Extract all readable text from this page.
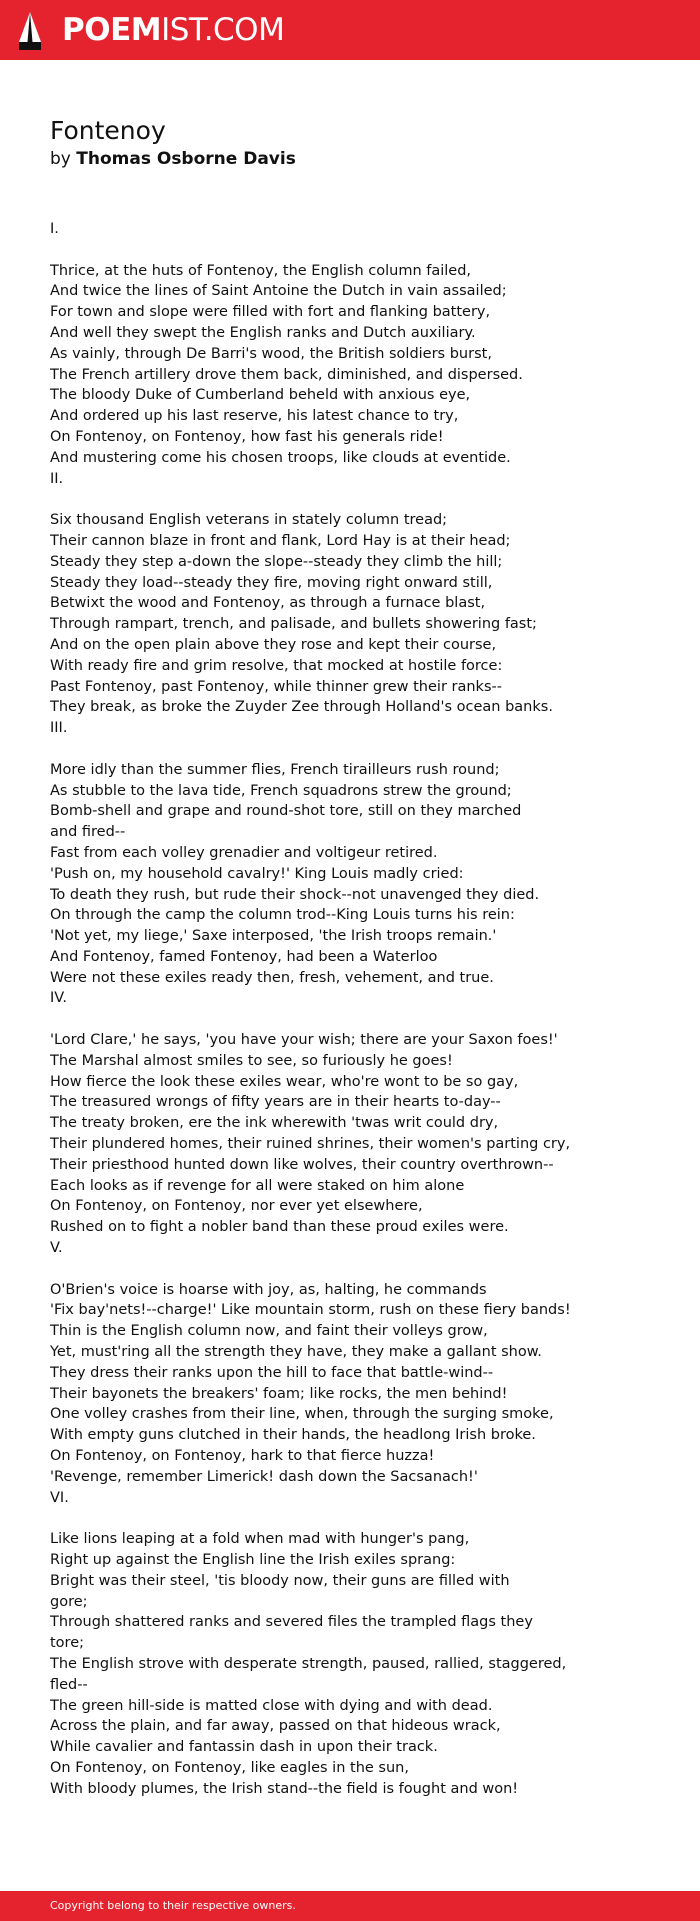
POEMIST.COM
Fontenoy
by Thomas Osborne Davis
I.
Thrice, at the huts of Fontenoy, the English column failed,
And twice the lines of Saint Antoine the Dutch in vain assailed;
For town and slope were filled with fort and flanking battery,
And well they swept the English ranks and Dutch auxiliary.
As vainly, through De Barri's wood, the British soldiers burst,
The French artillery drove them back, diminished, and dispersed.
The bloody Duke of Cumberland beheld with anxious eye,
And ordered up his last reserve, his latest chance to try,
On Fontenoy, on Fontenoy, how fast his generals ride!
And mustering come his chosen troops, like clouds at eventide.
II.
Six thousand English veterans in stately column tread;
Their cannon blaze in front and flank, Lord Hay is at their head;
Steady they step a-down the slope--steady they climb the hill;
Steady they load--steady they fire, moving right onward still,
Betwixt the wood and Fontenoy, as through a furnace blast,
Through rampart, trench, and palisade, and bullets showering fast;
And on the open plain above they rose and kept their course,
With ready fire and grim resolve, that mocked at hostile force:
Past Fontenoy, past Fontenoy, while thinner grew their ranks--
They break, as broke the Zuyder Zee through Holland's ocean banks.
III.
More idly than the summer flies, French tirailleurs rush round;
As stubble to the lava tide, French squadrons strew the ground;
Bomb-shell and grape and round-shot tore, still on they marched
and fired--
Fast from each volley grenadier and voltigeur retired.
'Push on, my household cavalry!' King Louis madly cried:
To death they rush, but rude their shock--not unavenged they died.
On through the camp the column trod--King Louis turns his rein:
'Not yet, my liege,' Saxe interposed, 'the Irish troops remain.'
And Fontenoy, famed Fontenoy, had been a Waterloo
Were not these exiles ready then, fresh, vehement, and true.
IV.
'Lord Clare,' he says, 'you have your wish; there are your Saxon foes!'
The Marshal almost smiles to see, so furiously he goes!
How fierce the look these exiles wear, who're wont to be so gay,
The treasured wrongs of fifty years are in their hearts to-day--
The treaty broken, ere the ink wherewith 'twas writ could dry,
Their plundered homes, their ruined shrines, their women's parting cry,
Their priesthood hunted down like wolves, their country overthrown--
Each looks as if revenge for all were staked on him alone
On Fontenoy, on Fontenoy, nor ever yet elsewhere,
Rushed on to fight a nobler band than these proud exiles were.
V.
O'Brien's voice is hoarse with joy, as, halting, he commands
'Fix bay'nets!--charge!' Like mountain storm, rush on these fiery bands!
Thin is the English column now, and faint their volleys grow,
Yet, must'ring all the strength they have, they make a gallant show.
They dress their ranks upon the hill to face that battle-wind--
Their bayonets the breakers' foam; like rocks, the men behind!
One volley crashes from their line, when, through the surging smoke,
With empty guns clutched in their hands, the headlong Irish broke.
On Fontenoy, on Fontenoy, hark to that fierce huzza!
'Revenge, remember Limerick! dash down the Sacsanach!'
VI.
Like lions leaping at a fold when mad with hunger's pang,
Right up against the English line the Irish exiles sprang:
Bright was their steel, 'tis bloody now, their guns are filled with
gore;
Through shattered ranks and severed files the trampled flags they
tore;
The English strove with desperate strength, paused, rallied, staggered,
fled--
The green hill-side is matted close with dying and with dead.
Across the plain, and far away, passed on that hideous wrack,
While cavalier and fantassin dash in upon their track.
On Fontenoy, on Fontenoy, like eagles in the sun,
With bloody plumes, the Irish stand--the field is fought and won!
Copyright belong to their respective owners.
